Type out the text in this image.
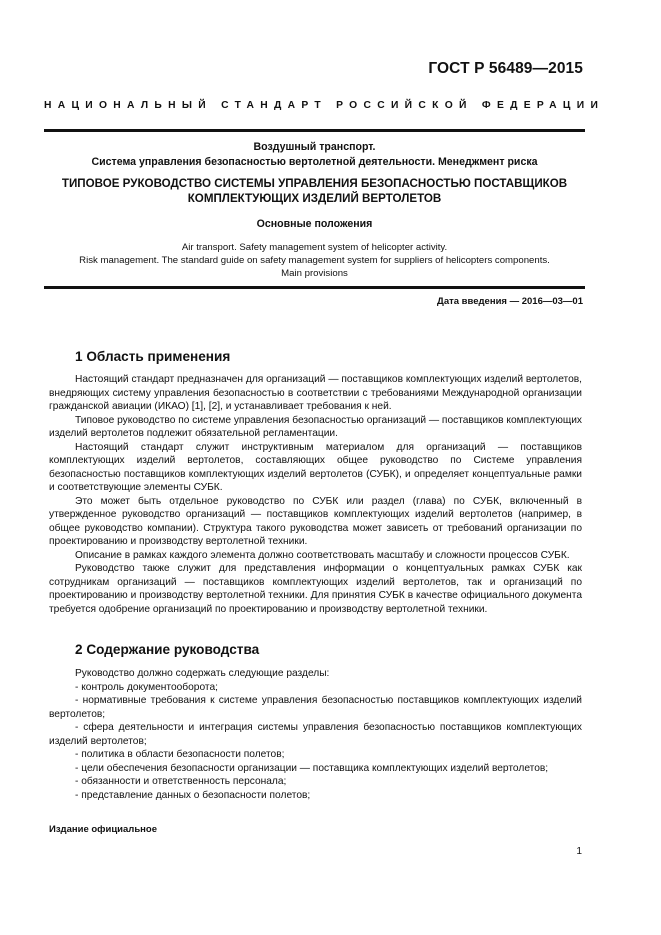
ГОСТ Р 56489—2015
НАЦИОНАЛЬНЫЙ СТАНДАРТ РОССИЙСКОЙ ФЕДЕРАЦИИ
Воздушный транспорт.
Система управления безопасностью вертолетной деятельности. Менеджмент риска
ТИПОВОЕ РУКОВОДСТВО СИСТЕМЫ УПРАВЛЕНИЯ БЕЗОПАСНОСТЬЮ ПОСТАВЩИКОВ
КОМПЛЕКТУЮЩИХ ИЗДЕЛИЙ ВЕРТОЛЕТОВ
Основные положения
Air transport. Safety management system of helicopter activity.
Risk management. The standard guide on safety management system for suppliers of helicopters components.
Main provisions
Дата введения — 2016—03—01
1 Область применения

Настоящий стандарт предназначен для организаций — поставщиков комплектующих изделий вертолетов, внедряющих систему управления безопасностью в соответствии с требованиями Международной организации гражданской авиации (ИКАО) [1], [2], и устанавливает требования к ней.

Типовое руководство по системе управления безопасностью организаций — поставщиков комплектующих изделий вертолетов подлежит обязательной регламентации.

Настоящий стандарт служит инструктивным материалом для организаций — поставщиков комплектующих изделий вертолетов, составляющих общее руководство по Системе управления безопасностью поставщиков комплектующих изделий вертолетов (СУБК), и определяет концептуальные рамки и соответствующие элементы СУБК.

Это может быть отдельное руководство по СУБК или раздел (глава) по СУБК, включенный в утвержденное руководство организаций — поставщиков комплектующих изделий вертолетов (например, в общее руководство компании). Структура такого руководства может зависеть от требований организации по проектированию и производству вертолетной техники.

Описание в рамках каждого элемента должно соответствовать масштабу и сложности процессов СУБК.

Руководство также служит для представления информации о концептуальных рамках СУБК как сотрудникам организаций — поставщиков комплектующих изделий вертолетов, так и организаций по проектированию и производству вертолетной техники. Для принятия СУБК в качестве официального документа требуется одобрение организаций по проектированию и производству вертолетной техники.

2 Содержание руководства

Руководство должно содержать следующие разделы:

- контроль документооборота;

- нормативные требования к системе управления безопасностью поставщиков комплектующих изделий вертолетов;

- сфера деятельности и интеграция системы управления безопасностью поставщиков комплектующих изделий вертолетов;

- политика в области безопасности полетов;

- цели обеспечения безопасности организации — поставщика комплектующих изделий вертолетов;

- обязанности и ответственность персонала;

- представление данных о безопасности полетов;

Издание официальное
1
